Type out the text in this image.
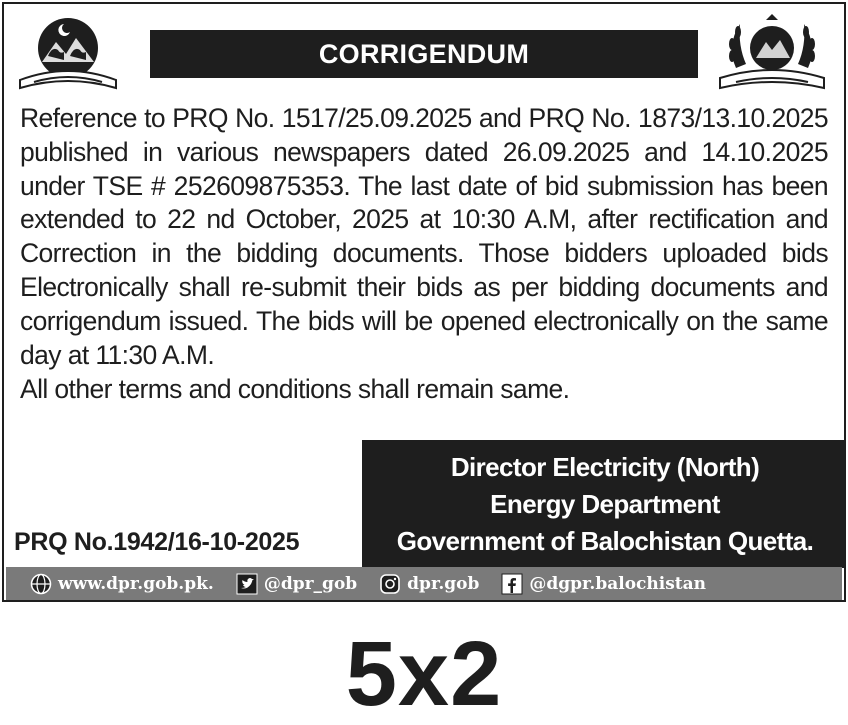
CORRIGENDUM

Reference to PRQ No. 1517/25.09.2025 and PRQ No. 1873/13.10.2025 published in various newspapers dated 26.09.2025 and 14.10.2025 under TSE # 252609875353. The last date of bid submission has been extended to 22 nd October, 2025 at 10:30 A.M, after rectification and Correction in the bidding documents. Those bidders uploaded bids Electronically shall re-submit their bids as per bidding documents and corrigendum issued. The bids will be opened electronically on the same day at 11:30 A.M.

All other terms and conditions shall remain same.

Director Electricity (North)
Energy Department
Government of Balochistan Quetta.
PRQ No.1942/16-10-2025
www.dpr.gob.pk.	@dpr_gob	dpr.gob	@dgpr.balochistan
5x2
